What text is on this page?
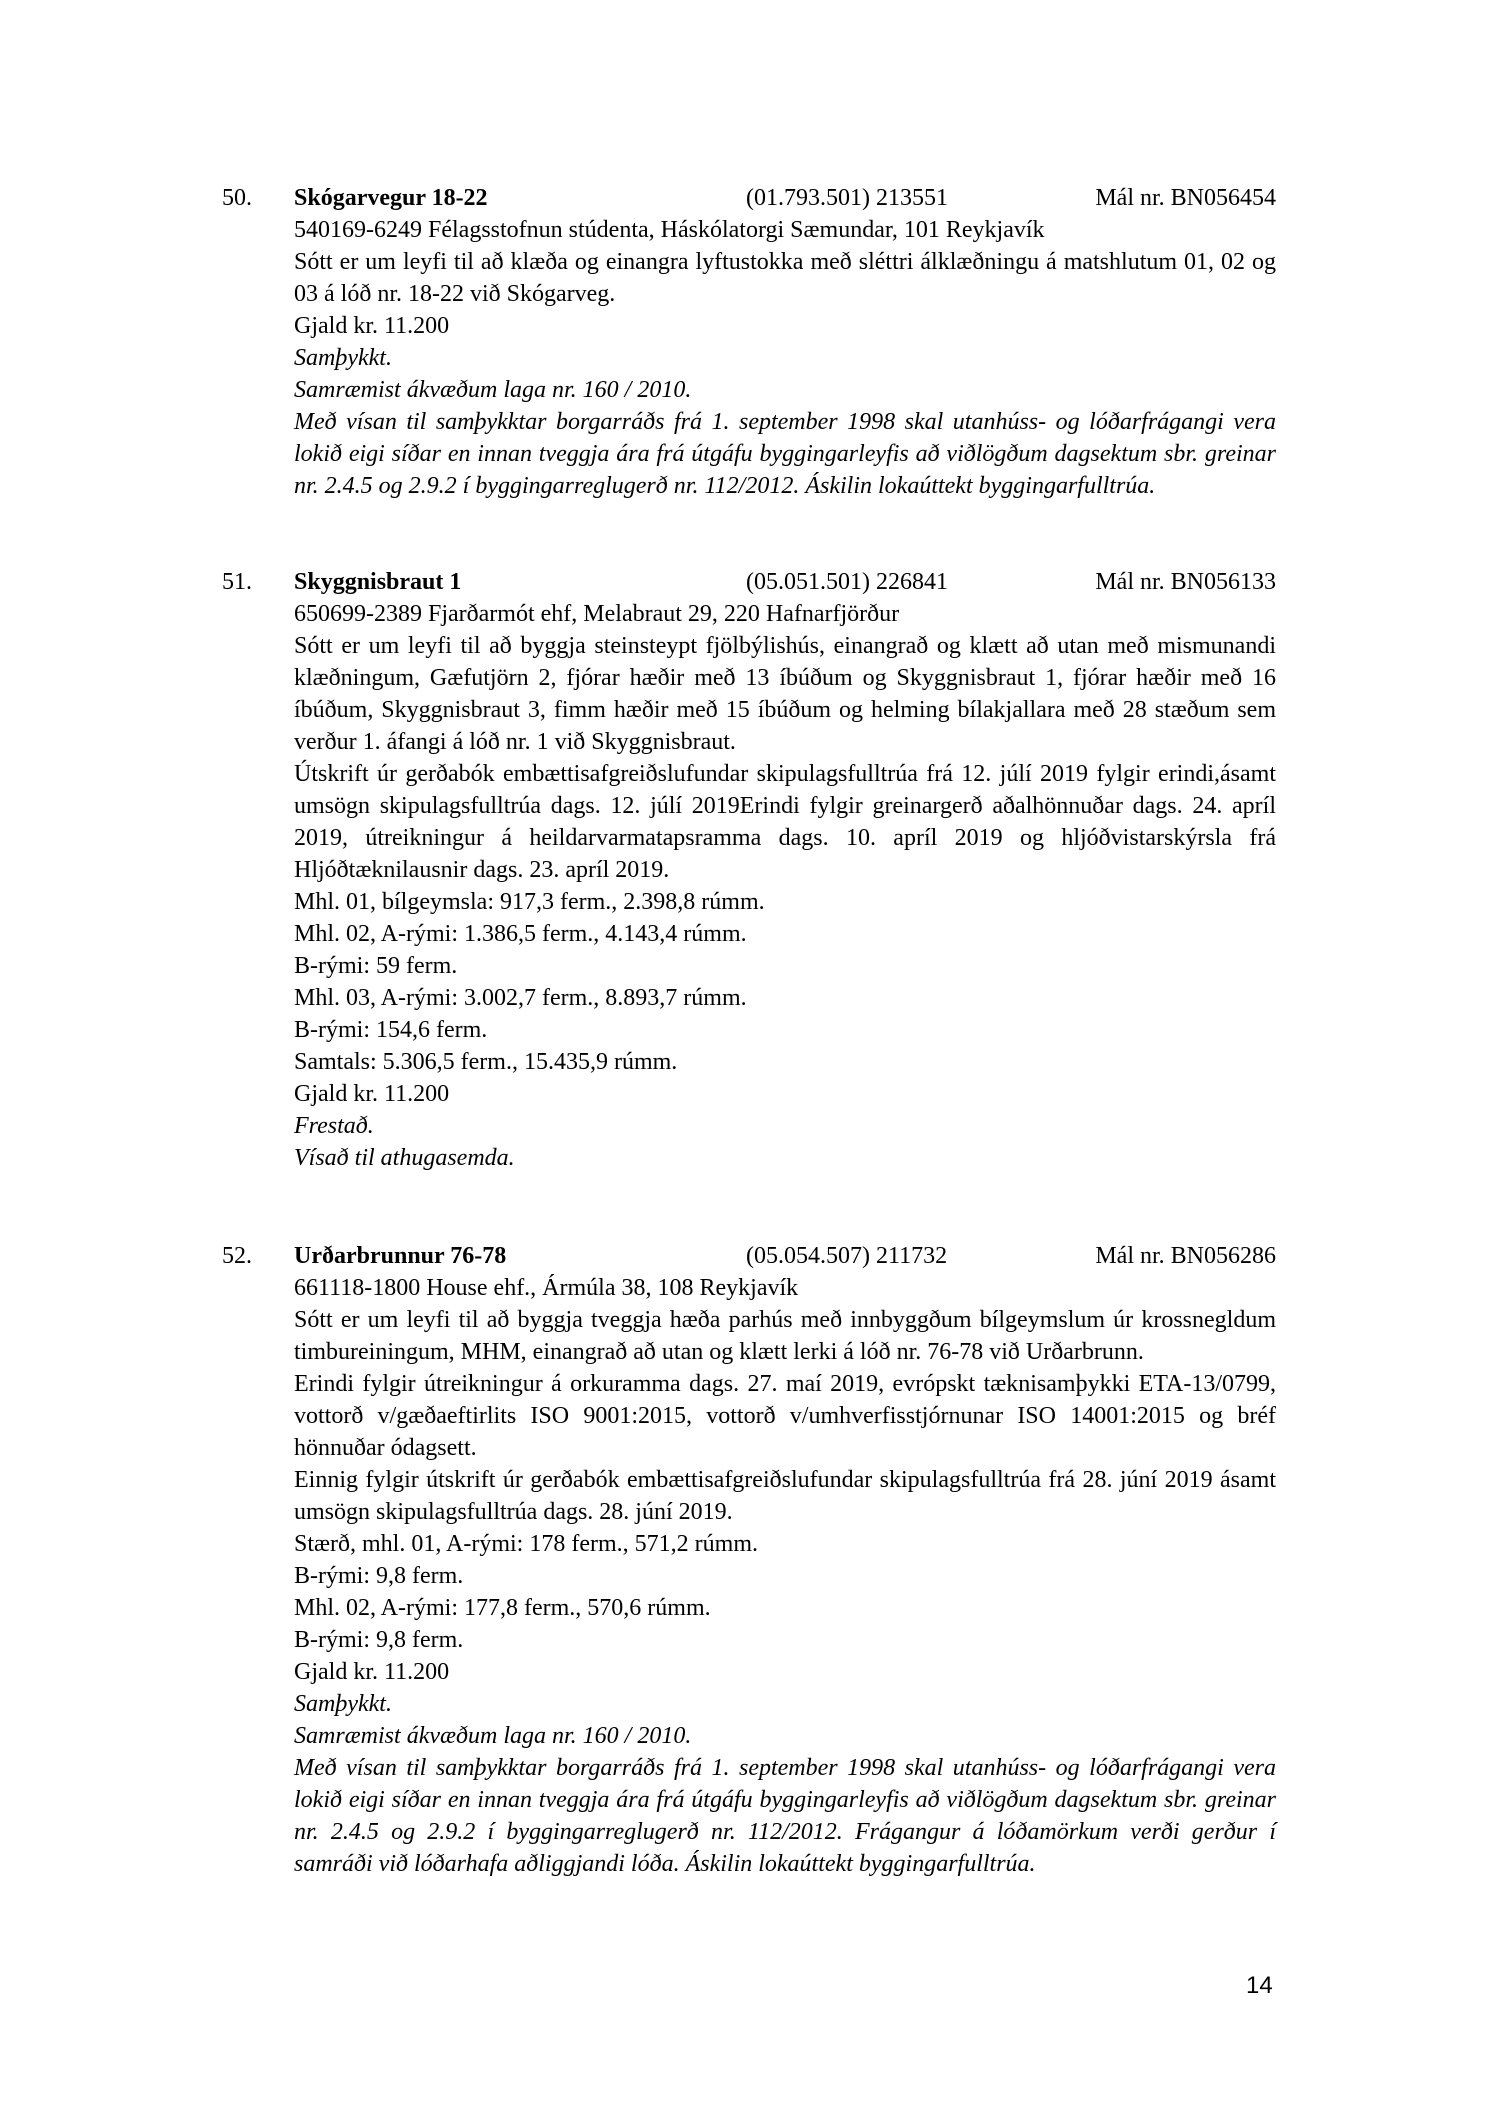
50. Skógarvegur 18-22	(01.793.501) 213551	Mál nr. BN056454

540169-6249 Félagsstofnun stúdenta, Háskólatorgi Sæmundar, 101 Reykjavík

Sótt er um leyfi til að klæða og einangra lyftustokka með sléttri álklæðningu á matshlutum 01, 02 og 03 á lóð nr. 18-22 við Skógarveg.

Gjald kr. 11.200

Samþykkt.

Samræmist ákvæðum laga nr. 160 / 2010.

Með vísan til samþykktar borgarráðs frá 1. september 1998 skal utanhúss- og lóðarfrágangi vera lokið eigi síðar en innan tveggja ára frá útgáfu byggingarleyfis að viðlögðum dagsektum sbr. greinar nr. 2.4.5 og 2.9.2 í byggingarreglugerð nr. 112/2012. Áskilin lokaúttekt byggingarfulltrúa.

51. Skyggnisbraut 1	(05.051.501) 226841	Mál nr. BN056133

650699-2389 Fjarðarmót ehf, Melabraut 29, 220 Hafnarfjörður

Sótt er um leyfi til að byggja steinsteypt fjölbýlishús, einangrað og klætt að utan með mismunandi klæðningum, Gæfutjörn 2, fjórar hæðir með 13 íbúðum og Skyggnisbraut 1, fjórar hæðir með 16 íbúðum, Skyggnisbraut 3, fimm hæðir með 15 íbúðum og helming bílakjallara með 28 stæðum sem verður 1. áfangi á lóð nr. 1 við Skyggnisbraut.

Útskrift úr gerðabók embættisafgreiðslufundar skipulagsfulltrúa frá 12. júlí 2019 fylgir erindi,ásamt umsögn skipulagsfulltrúa dags. 12. júlí 2019Erindi fylgir greinargerð aðalhönnuðar dags. 24. apríl 2019, útreikningur á heildarvarmatapsramma dags. 10. apríl 2019 og hljóðvistarskýrsla frá Hljóðtæknilausnir dags. 23. apríl 2019.

Mhl. 01, bílgeymsla: 917,3 ferm., 2.398,8 rúmm.

Mhl. 02, A-rými: 1.386,5 ferm., 4.143,4 rúmm.

B-rými: 59 ferm.

Mhl. 03, A-rými: 3.002,7 ferm., 8.893,7 rúmm.

B-rými: 154,6 ferm.

Samtals: 5.306,5 ferm., 15.435,9 rúmm.

Gjald kr. 11.200

Frestað.

Vísað til athugasemda.

52. Urðarbrunnur 76-78	(05.054.507) 211732	Mál nr. BN056286

661118-1800 House ehf., Ármúla 38, 108 Reykjavík

Sótt er um leyfi til að byggja tveggja hæða parhús með innbyggðum bílgeymslum úr krossnegldum timbureiningum, MHM, einangrað að utan og klætt lerki á lóð nr. 76-78 við Urðarbrunn.

Erindi fylgir útreikningur á orkuramma dags. 27. maí 2019, evrópskt tæknisamþykki ETA-13/0799, vottorð v/gæðaeftirlits ISO 9001:2015, vottorð v/umhverfisstjórnunar ISO 14001:2015 og bréf hönnuðar ódagsett.

Einnig fylgir útskrift úr gerðabók embættisafgreiðslufundar skipulagsfulltrúa frá 28. júní 2019 ásamt umsögn skipulagsfulltrúa dags. 28. júní 2019.

Stærð, mhl. 01, A-rými: 178 ferm., 571,2 rúmm.

B-rými: 9,8 ferm.

Mhl. 02, A-rými: 177,8 ferm., 570,6 rúmm.

B-rými: 9,8 ferm.

Gjald kr. 11.200

Samþykkt.

Samræmist ákvæðum laga nr. 160 / 2010.

Með vísan til samþykktar borgarráðs frá 1. september 1998 skal utanhúss- og lóðarfrágangi vera lokið eigi síðar en innan tveggja ára frá útgáfu byggingarleyfis að viðlögðum dagsektum sbr. greinar nr. 2.4.5 og 2.9.2 í byggingarreglugerð nr. 112/2012. Frágangur á lóðamörkum verði gerður í samráði við lóðarhafa aðliggjandi lóða. Áskilin lokaúttekt byggingarfulltrúa.

14
